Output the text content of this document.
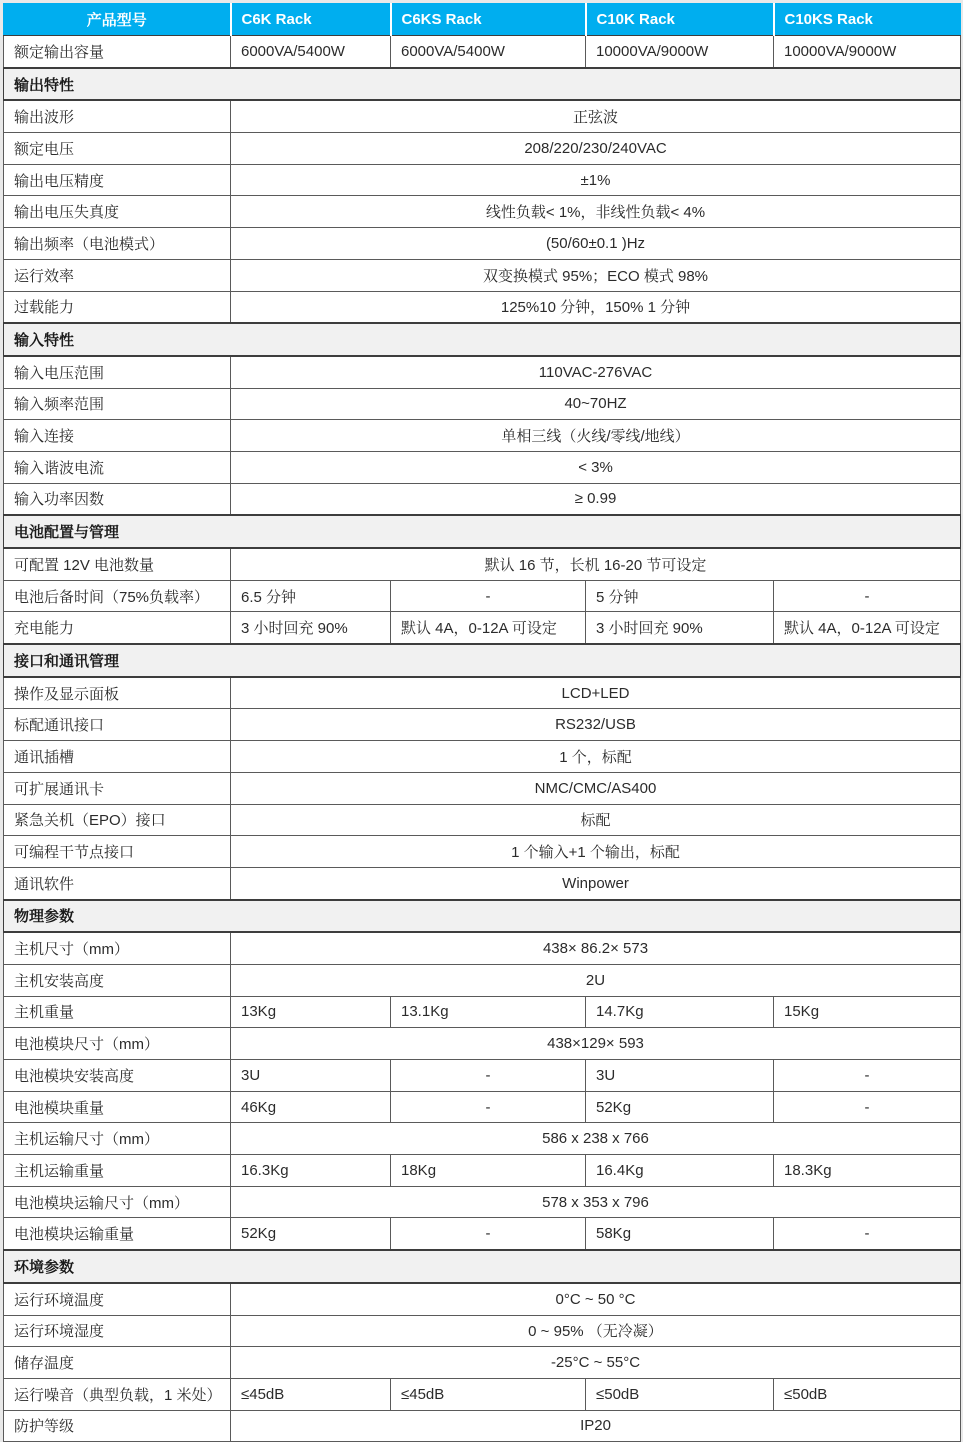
产品型号	C6K Rack	C6KS Rack	C10K Rack	C10KS Rack
额定输出容量	6000VA/5400W	6000VA/5400W	10000VA/9000W	10000VA/9000W
输出特性				
输出波形	正弦波			
额定电压	208/220/230/240VAC			
输出电压精度	±1%			
输出电压失真度	线性负载< 1%，非线性负载< 4%			
输出频率（电池模式）	(50/60±0.1 )Hz			
运行效率	双变换模式 95%；ECO 模式 98%			
过载能力	125%10 分钟，150% 1 分钟			
输入特性				
输入电压范围	110VAC-276VAC			
输入频率范围	40~70HZ			
输入连接	单相三线（火线/零线/地线）			
输入谐波电流	< 3%			
输入功率因数	≥ 0.99			
电池配置与管理				
可配置 12V 电池数量	默认 16 节，长机 16-20 节可设定			
电池后备时间（75%负载率）	6.5 分钟	-	5 分钟	-
充电能力	3 小时回充 90%	默认 4A，0-12A 可设定	3 小时回充 90%	默认 4A，0-12A 可设定
接口和通讯管理				
操作及显示面板	LCD+LED			
标配通讯接口	RS232/USB			
通讯插槽	1 个，标配			
可扩展通讯卡	NMC/CMC/AS400			
紧急关机（EPO）接口	标配			
可编程干节点接口	1 个输入+1 个输出，标配			
通讯软件	Winpower			
物理参数				
主机尺寸（mm）	438× 86.2× 573			
主机安装高度	2U			
主机重量	13Kg	13.1Kg	14.7Kg	15Kg
电池模块尺寸（mm）	438×129× 593			
电池模块安装高度	3U	-	3U	-
电池模块重量	46Kg	-	52Kg	-
主机运输尺寸（mm）	586 x 238 x 766			
主机运输重量	16.3Kg	18Kg	16.4Kg	18.3Kg
电池模块运输尺寸（mm）	578 x 353 x 796			
电池模块运输重量	52Kg	-	58Kg	-
环境参数				
运行环境温度	0°C ~ 50 °C			
运行环境湿度	0 ~ 95% （无冷凝）			
储存温度	-25°C ~ 55°C			
运行噪音（典型负载，1 米处）	≤45dB	≤45dB	≤50dB	≤50dB
防护等级	IP20			
